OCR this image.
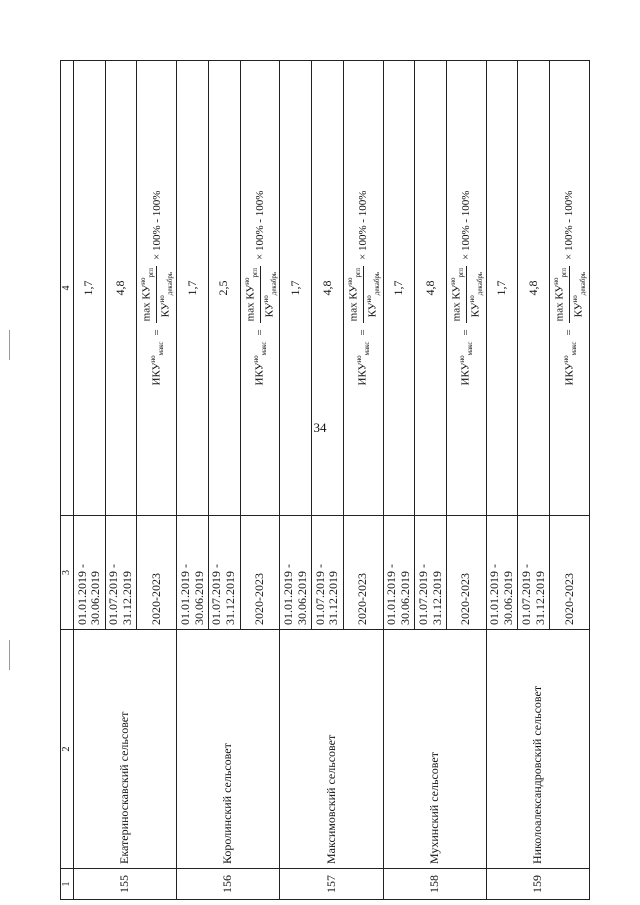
34
1	2	3	4
155	Екатериноскавский сельсовет	01.01.2019 - 30.06.2019	1,7
		01.07.2019 - 31.12.2019	4,8
		2020-2023	$ИКУ^{но}_{макс}$
=
$\max КУ^{но}_{ргл}$
$КУ^{но}_{декабрь}$
× 100% - 100%

156	Королинский сельсовет	01.01.2019 - 30.06.2019	1,7
		01.07.2019 - 31.12.2019	2,5
		2020-2023	$ИКУ^{но}_{макс}$
=
$\max КУ^{но}_{ргл}$
$КУ^{но}_{декабрь}$
× 100% - 100%

157	Максимовский сельсовет	01.01.2019 - 30.06.2019	1,7
		01.07.2019 - 31.12.2019	4,8
		2020-2023	$ИКУ^{но}_{макс}$
=
$\max КУ^{но}_{ргл}$
$КУ^{но}_{декабрь}$
× 100% - 100%

158	Мухинский сельсовет	01.01.2019 - 30.06.2019	1,7
		01.07.2019 - 31.12.2019	4,8
		2020-2023	$ИКУ^{но}_{макс}$
=
$\max КУ^{но}_{ргл}$
$КУ^{но}_{декабрь}$
× 100% - 100%

159	Николоалександровский сельсовет	01.01.2019 - 30.06.2019	1,7
		01.07.2019 - 31.12.2019	4,8
		2020-2023	$ИКУ^{но}_{макс}$
=
$\max КУ^{но}_{ргл}$
$КУ^{но}_{декабрь}$
× 100% - 100%
